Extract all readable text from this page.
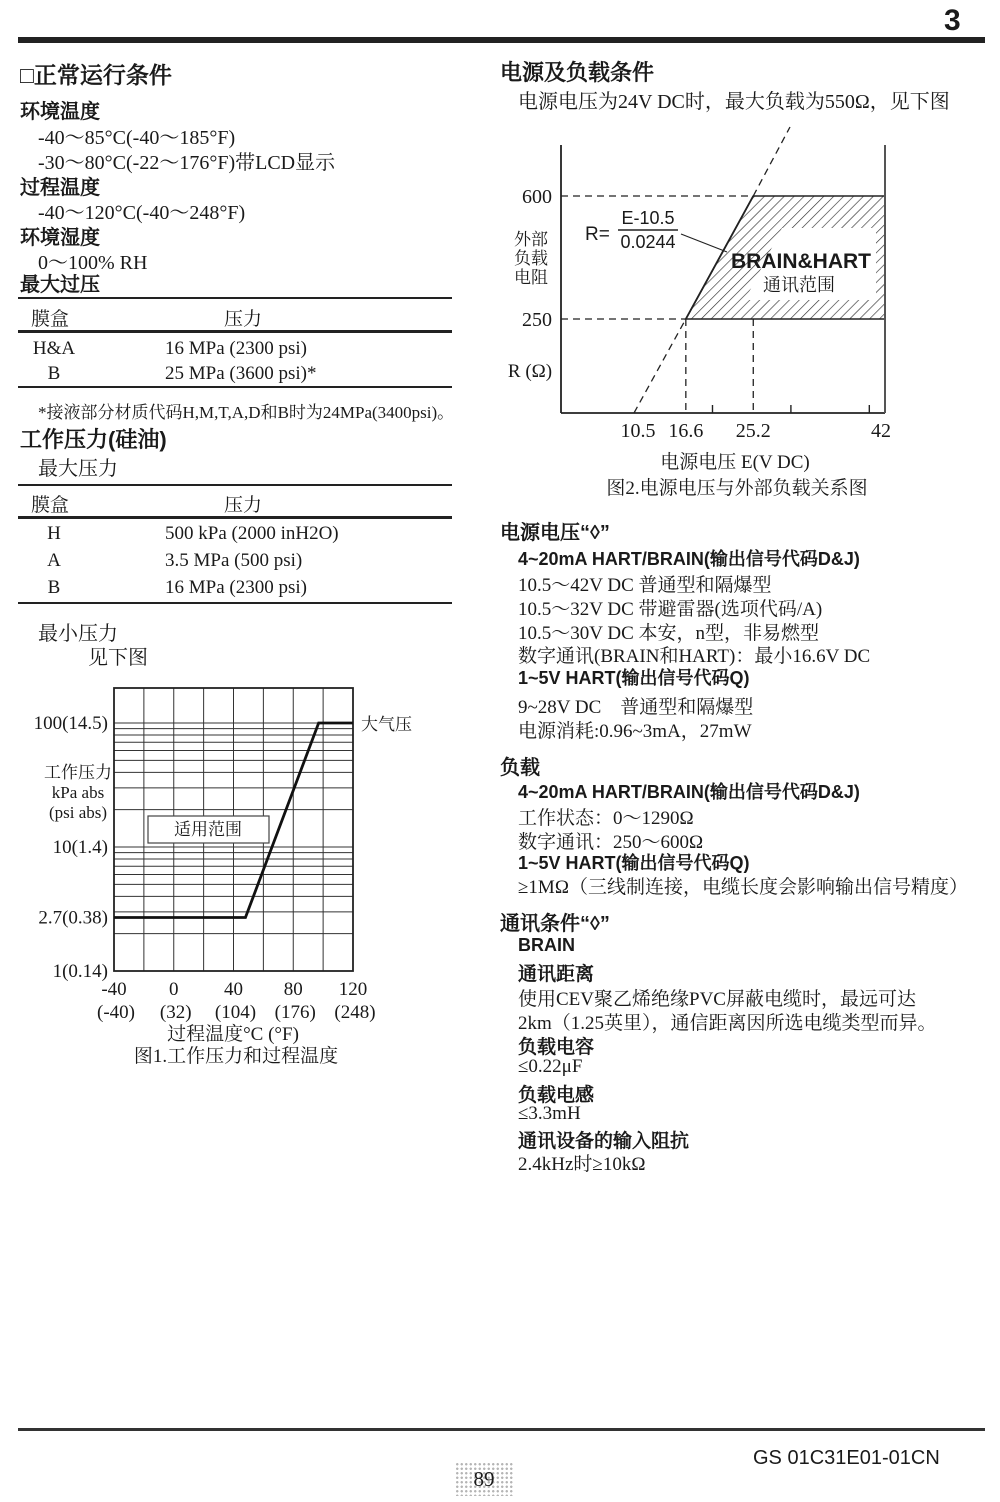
3
□正常运行条件
环境温度
-40～85°C(-40～185°F)
-30～80°C(-22～176°F)带LCD显示
过程温度
-40～120°C(-40～248°F)
环境湿度
0～100% RH
最大过压
膜盒	压力
H&A	16 MPa (2300 psi)
B	25 MPa (3600 psi)*
*接液部分材质代码H,M,T,A,D和B时为24MPa(3400psi)。
工作压力(硅油)
最大压力
膜盒	压力
H	500 kPa (2000 inH2O)
A	3.5 MPa (500 psi)
B	16 MPa (2300 psi)
最小压力
见下图
适用范围
大气压
100(14.5)
10(1.4)
2.7(0.38)
1(0.14)
工作压力
kPa abs
(psi abs)
-40
(-40)
0
(32)
40
(104)
80
(176)
120
(248)
过程温度°C (°F)
图1.工作压力和过程温度
电源及负载条件
电源电压为24V DC时，最大负载为550Ω，见下图
600
250
外部
负载
电阻
R (Ω)
R=
E-10.5
0.0244
BRAIN&HART
通讯范围
10.5 16.6 25.2	42
电源电压 E(V DC)
图2.电源电压与外部负载关系图
电源电压“◊”
4~20mA HART/BRAIN(输出信号代码D&J)
10.5～42V DC 普通型和隔爆型
10.5～32V DC 带避雷器(选项代码/A)
10.5～30V DC 本安，n型，非易燃型
数字通讯(BRAIN和HART)：最小16.6V DC
1~5V HART(输出信号代码Q)
9~28V DC　普通型和隔爆型
电源消耗:0.96~3mA，27mW
负载
4~20mA HART/BRAIN(输出信号代码D&J)
工作状态：0～1290Ω
数字通讯：250～600Ω
1~5V HART(输出信号代码Q)
≥1MΩ（三线制连接，电缆长度会影响输出信号精度）
通讯条件“◊”
BRAIN
通讯距离
使用CEV聚乙烯绝缘PVC屏蔽电缆时，最远可达
2km（1.25英里），通信距离因所选电缆类型而异。
负载电容
≤0.22μF
负载电感
≤3.3mH
通讯设备的输入阻抗
2.4kHz时≥10kΩ
GS 01C31E01-01CN
89
